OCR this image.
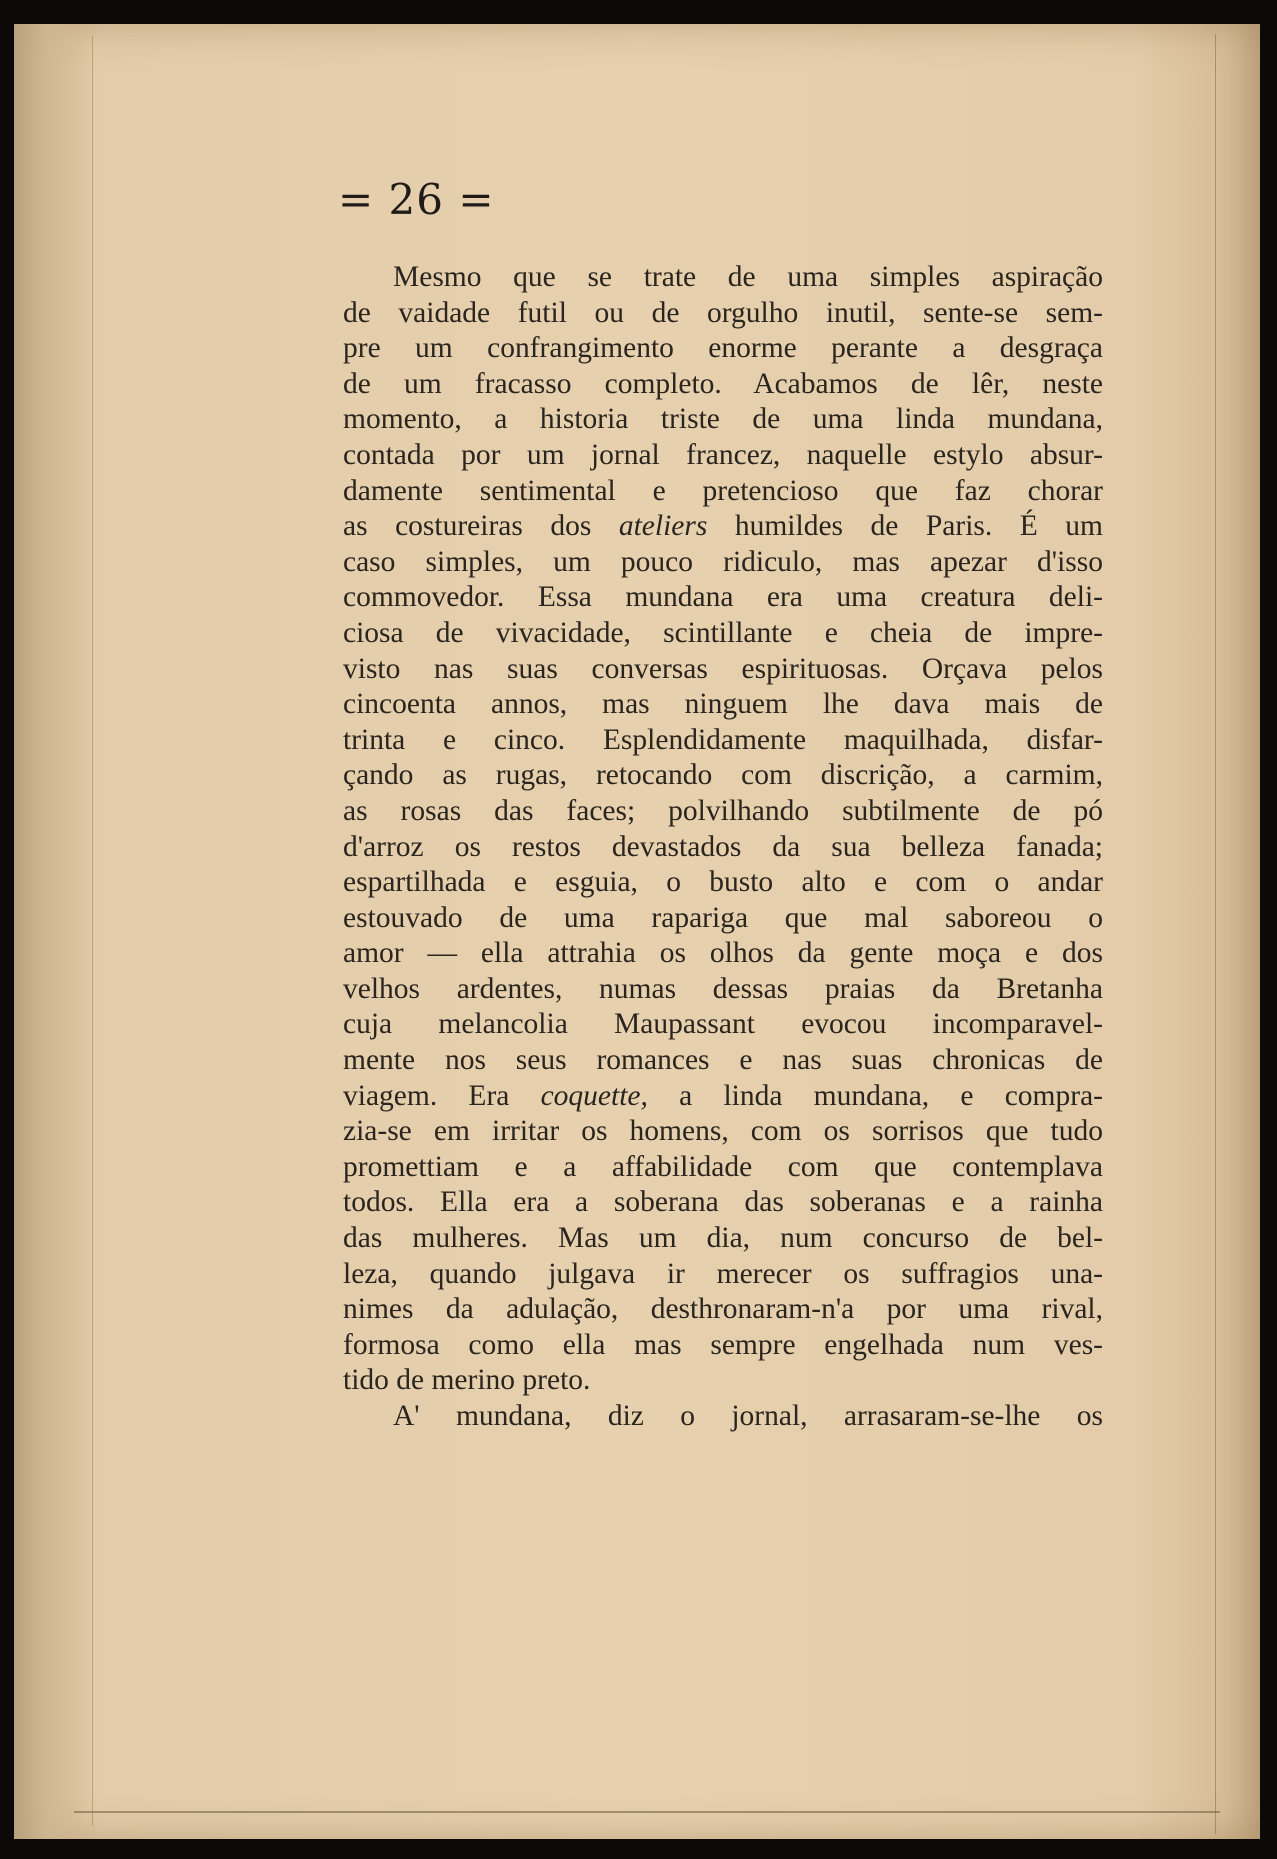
= 26 =
Mesmo que se trate de uma simples aspiração
de vaidade futil ou de orgulho inutil, sente-se sem-
pre um confrangimento enorme perante a desgraça
de um fracasso completo. Acabamos de lêr, neste
momento, a historia triste de uma linda mundana,
contada por um jornal francez, naquelle estylo absur-
damente sentimental e pretencioso que faz chorar
as costureiras dos ateliers humildes de Paris. É um
caso simples, um pouco ridiculo, mas apezar d'isso
commovedor. Essa mundana era uma creatura deli-
ciosa de vivacidade, scintillante e cheia de impre-
visto nas suas conversas espirituosas. Orçava pelos
cincoenta annos, mas ninguem lhe dava mais de
trinta e cinco. Esplendidamente maquilhada, disfar-
çando as rugas, retocando com discrição, a carmim,
as rosas das faces; polvilhando subtilmente de pó
d'arroz os restos devastados da sua belleza fanada;
espartilhada e esguia, o busto alto e com o andar
estouvado de uma rapariga que mal saboreou o
amor — ella attrahia os olhos da gente moça e dos
velhos ardentes, numas dessas praias da Bretanha
cuja melancolia Maupassant evocou incomparavel-
mente nos seus romances e nas suas chronicas de
viagem. Era coquette, a linda mundana, e compra-
zia-se em irritar os homens, com os sorrisos que tudo
promettiam e a affabilidade com que contemplava
todos. Ella era a soberana das soberanas e a rainha
das mulheres. Mas um dia, num concurso de bel-
leza, quando julgava ir merecer os suffragios una-
nimes da adulação, desthronaram-n'a por uma rival,
formosa como ella mas sempre engelhada num ves-
tido de merino preto.
A' mundana, diz o jornal, arrasaram-se-lhe os
